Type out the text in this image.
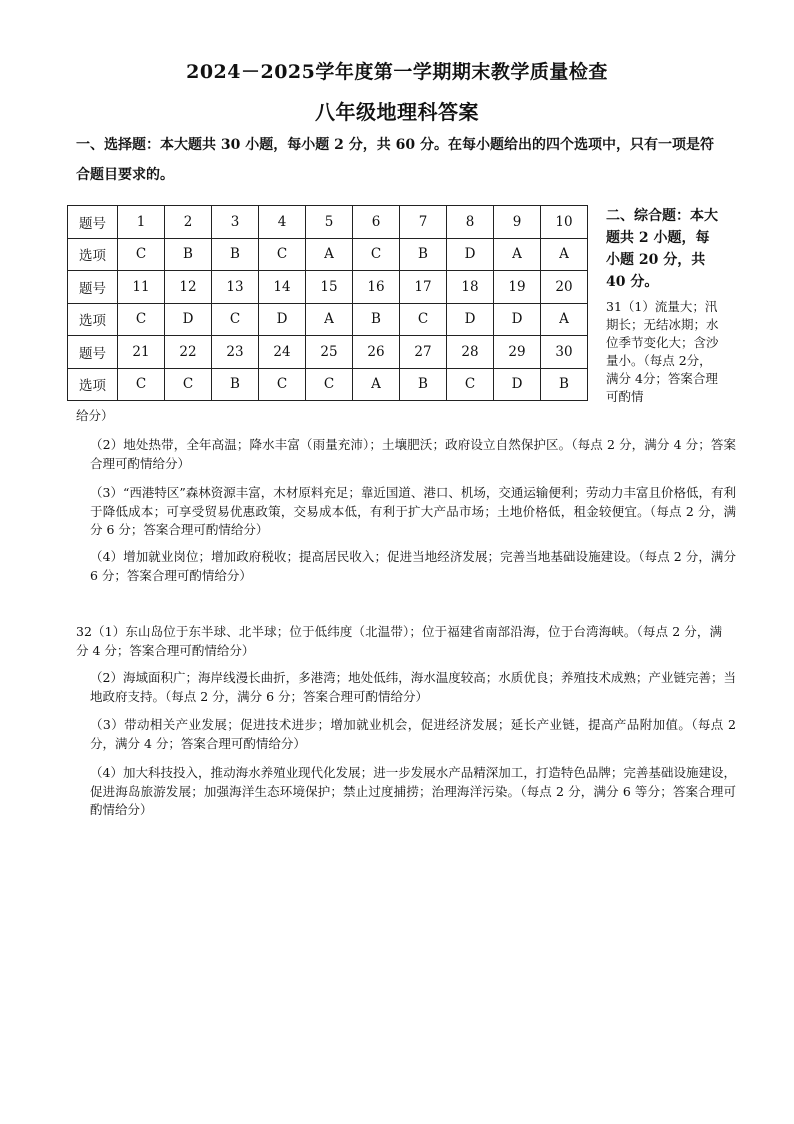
2024－2025学年度第一学期期末教学质量检查
八年级地理科答案
一、选择题：本大题共 30 小题，每小题 2 分，共 60 分。在每小题给出的四个选项中，只有一项是符合题目要求的。
题号	1	2	3	4	5	6	7	8	9	10
选项	C	B	B	C	A	C	B	D	A	A
题号	11	12	13	14	15	16	17	18	19	20
选项	C	D	C	D	A	B	C	D	D	A
题号	21	22	23	24	25	26	27	28	29	30
选项	C	C	B	C	C	A	B	C	D	B
二、综合题：本大题共 2 小题，每小题 20 分，共 40 分。
31（1）流量大；汛期长；无结冰期；水位季节变化大；含沙量小。（每点 2分，满分 4分；答案合理可酌情
给分）
（2）地处热带，全年高温；降水丰富（雨量充沛）；土壤肥沃；政府设立自然保护区。（每点 2 分，满分 4 分；答案合理可酌情给分）
（3）“西港特区”森林资源丰富，木材原料充足；靠近国道、港口、机场，交通运输便利；劳动力丰富且价格低，有利于降低成本；可享受贸易优惠政策，交易成本低，有利于扩大产品市场；土地价格低，租金较便宜。（每点 2 分，满分 6 分；答案合理可酌情给分）
（4）增加就业岗位；增加政府税收；提高居民收入；促进当地经济发展；完善当地基础设施建设。（每点 2 分，满分 6 分；答案合理可酌情给分）
32（1）东山岛位于东半球、北半球；位于低纬度（北温带）；位于福建省南部沿海，位于台湾海峡。（每点 2 分，满分 4 分；答案合理可酌情给分）
（2）海域面积广；海岸线漫长曲折，多港湾；地处低纬，海水温度较高；水质优良；养殖技术成熟；产业链完善；当地政府支持。（每点 2 分，满分 6 分；答案合理可酌情给分）
（3）带动相关产业发展；促进技术进步；增加就业机会，促进经济发展；延长产业链，提高产品附加值。（每点 2 分，满分 4 分；答案合理可酌情给分）
（4）加大科技投入，推动海水养殖业现代化发展；进一步发展水产品精深加工，打造特色品牌；完善基础设施建设，促进海岛旅游发展；加强海洋生态环境保护；禁止过度捕捞；治理海洋污染。（每点 2 分，满分 6 等分；答案合理可酌情给分）
